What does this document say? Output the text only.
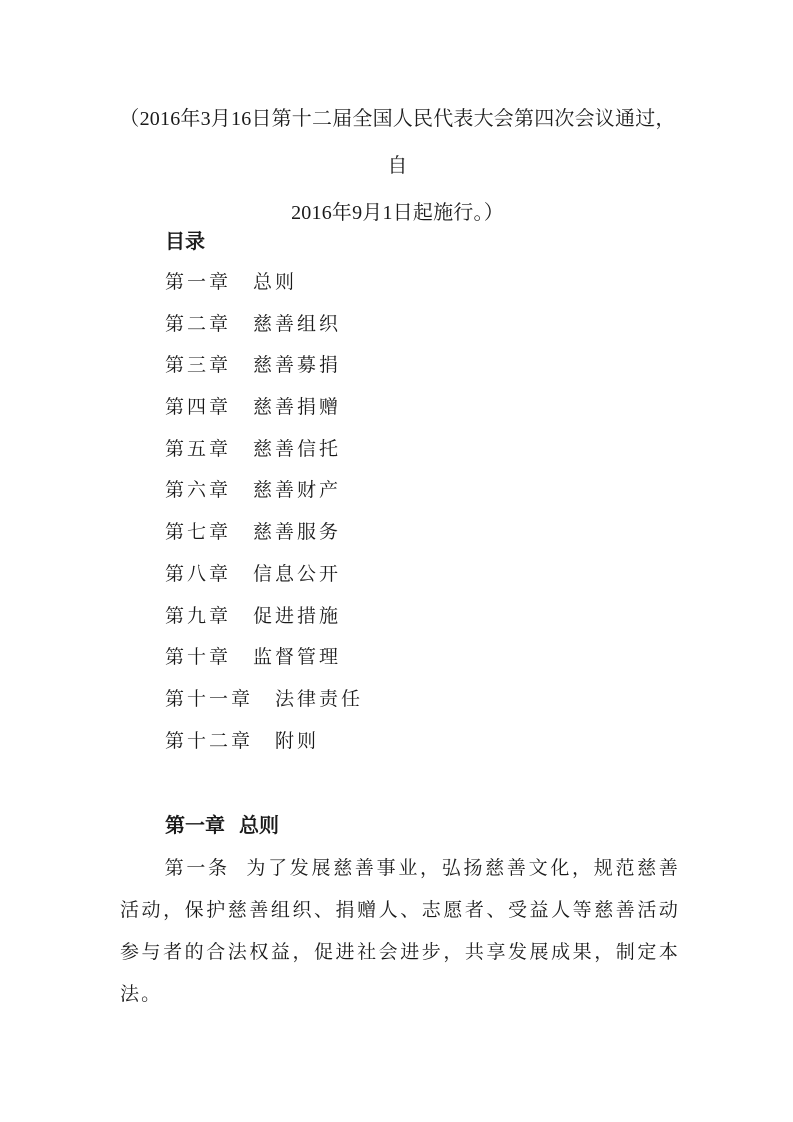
（2016年3月16日第十二届全国人民代表大会第四次会议通过，自
2016年9月1日起施行。）
目录
第一章 总则
第二章 慈善组织
第三章 慈善募捐
第四章 慈善捐赠
第五章 慈善信托
第六章 慈善财产
第七章 慈善服务
第八章 信息公开
第九章 促进措施
第十章 监督管理
第十一章 法律责任
第十二章 附则
第一章 总则
第一条 为了发展慈善事业，弘扬慈善文化，规范慈善活动，保护慈善组织、捐赠人、志愿者、受益人等慈善活动参与者的合法权益，促进社会进步，共享发展成果，制定本法。
